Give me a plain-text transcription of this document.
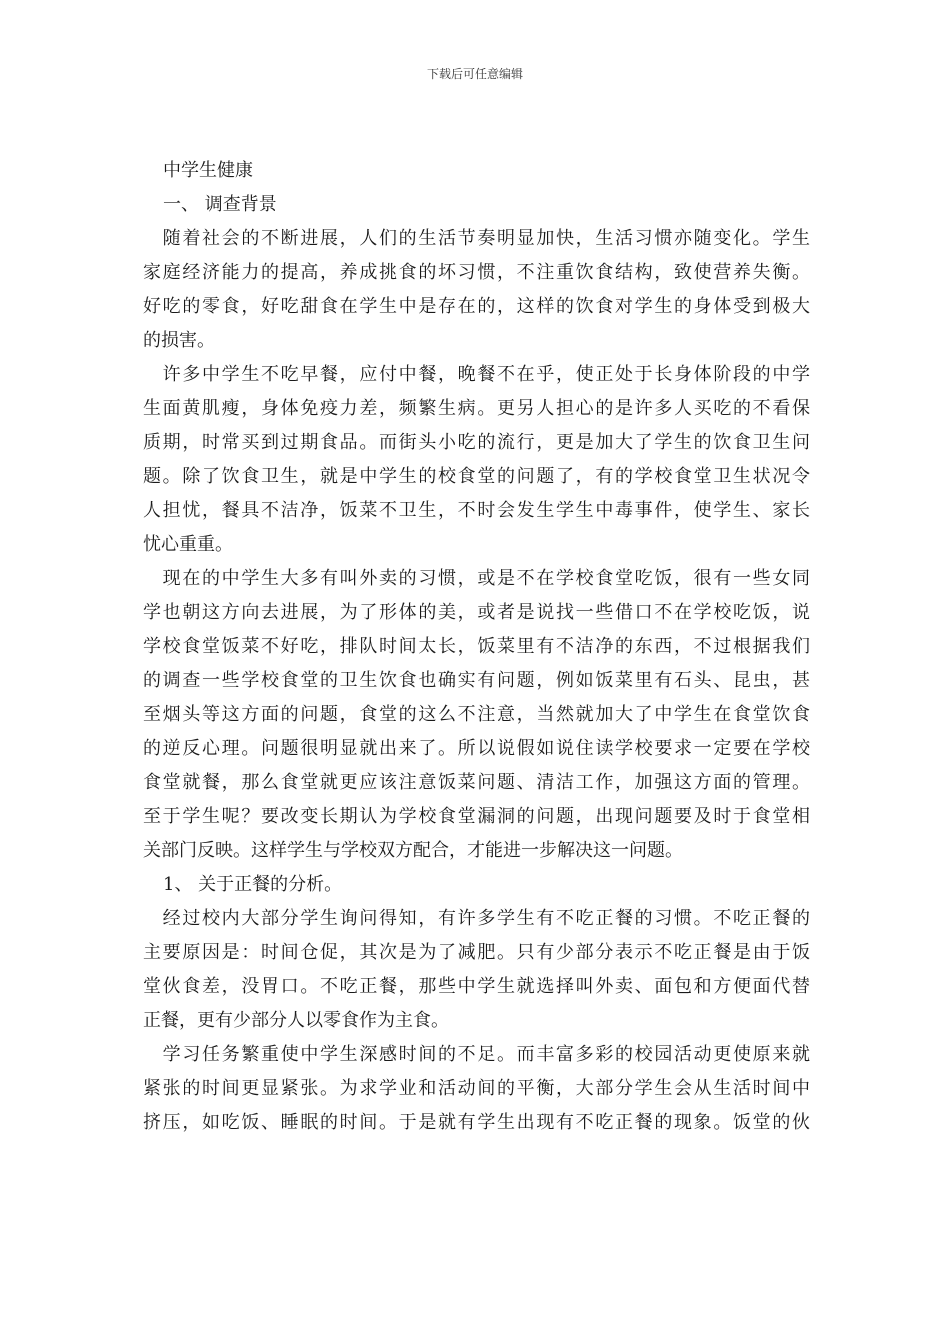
下载后可任意编辑
中学生健康
一、 调查背景
　随着社会的不断进展，人们的生活节奏明显加快，生活习惯亦随变化。学生
家庭经济能力的提高，养成挑食的坏习惯，不注重饮食结构，致使营养失衡。
好吃的零食，好吃甜食在学生中是存在的，这样的饮食对学生的身体受到极大
的损害。
　许多中学生不吃早餐，应付中餐，晚餐不在乎，使正处于长身体阶段的中学
生面黄肌瘦，身体免疫力差，频繁生病。更另人担心的是许多人买吃的不看保
质期，时常买到过期食品。而街头小吃的流行，更是加大了学生的饮食卫生问
题。除了饮食卫生，就是中学生的校食堂的问题了，有的学校食堂卫生状况令
人担忧，餐具不洁净，饭菜不卫生，不时会发生学生中毒事件，使学生、家长
忧心重重。
　现在的中学生大多有叫外卖的习惯，或是不在学校食堂吃饭，很有一些女同
学也朝这方向去进展，为了形体的美，或者是说找一些借口不在学校吃饭，说
学校食堂饭菜不好吃，排队时间太长，饭菜里有不洁净的东西，不过根据我们
的调查一些学校食堂的卫生饮食也确实有问题，例如饭菜里有石头、昆虫，甚
至烟头等这方面的问题，食堂的这么不注意，当然就加大了中学生在食堂饮食
的逆反心理。问题很明显就出来了。所以说假如说住读学校要求一定要在学校
食堂就餐，那么食堂就更应该注意饭菜问题、清洁工作，加强这方面的管理。
至于学生呢？要改变长期认为学校食堂漏洞的问题，出现问题要及时于食堂相
关部门反映。这样学生与学校双方配合，才能进一步解决这一问题。
1、 关于正餐的分析。
　经过校内大部分学生询问得知，有许多学生有不吃正餐的习惯。不吃正餐的
主要原因是：时间仓促，其次是为了减肥。只有少部分表示不吃正餐是由于饭
堂伙食差，没胃口。不吃正餐，那些中学生就选择叫外卖、面包和方便面代替
正餐，更有少部分人以零食作为主食。
　学习任务繁重使中学生深感时间的不足。而丰富多彩的校园活动更使原来就
紧张的时间更显紧张。为求学业和活动间的平衡，大部分学生会从生活时间中
挤压，如吃饭、睡眠的时间。于是就有学生出现有不吃正餐的现象。饭堂的伙
